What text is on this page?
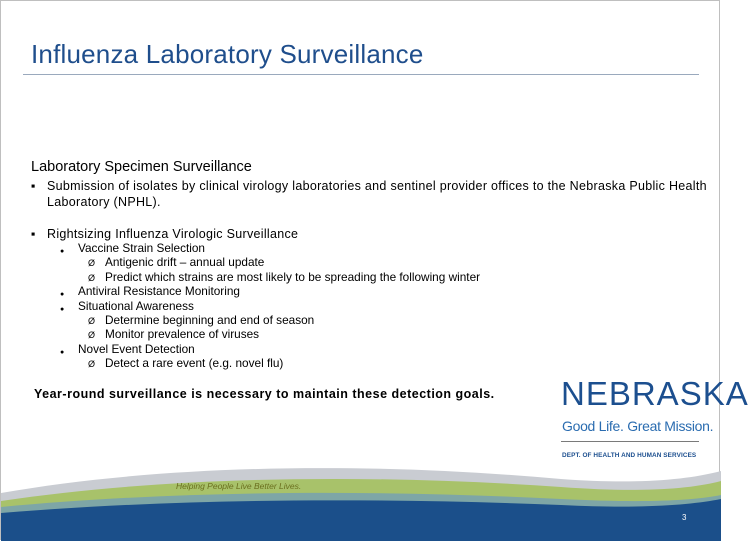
Influenza Laboratory Surveillance
Laboratory Specimen Surveillance
▪ Submission of isolates by clinical virology laboratories and sentinel provider offices to the Nebraska Public Health Laboratory (NPHL).
▪ Rightsizing Influenza Virologic Surveillance
● Vaccine Strain Selection
Ø Antigenic drift – annual update
Ø Predict which strains are most likely to be spreading the following winter
● Antiviral Resistance Monitoring
● Situational Awareness
Ø Determine beginning and end of season
Ø Monitor prevalence of viruses
● Novel Event Detection
Ø Detect a rare event (e.g. novel flu)
Year-round surveillance is necessary to maintain these detection goals. NEBRASKA
Good Life. Great Mission.
DEPT. OF HEALTH AND HUMAN SERVICES
Helping People Live Better Lives.
3
